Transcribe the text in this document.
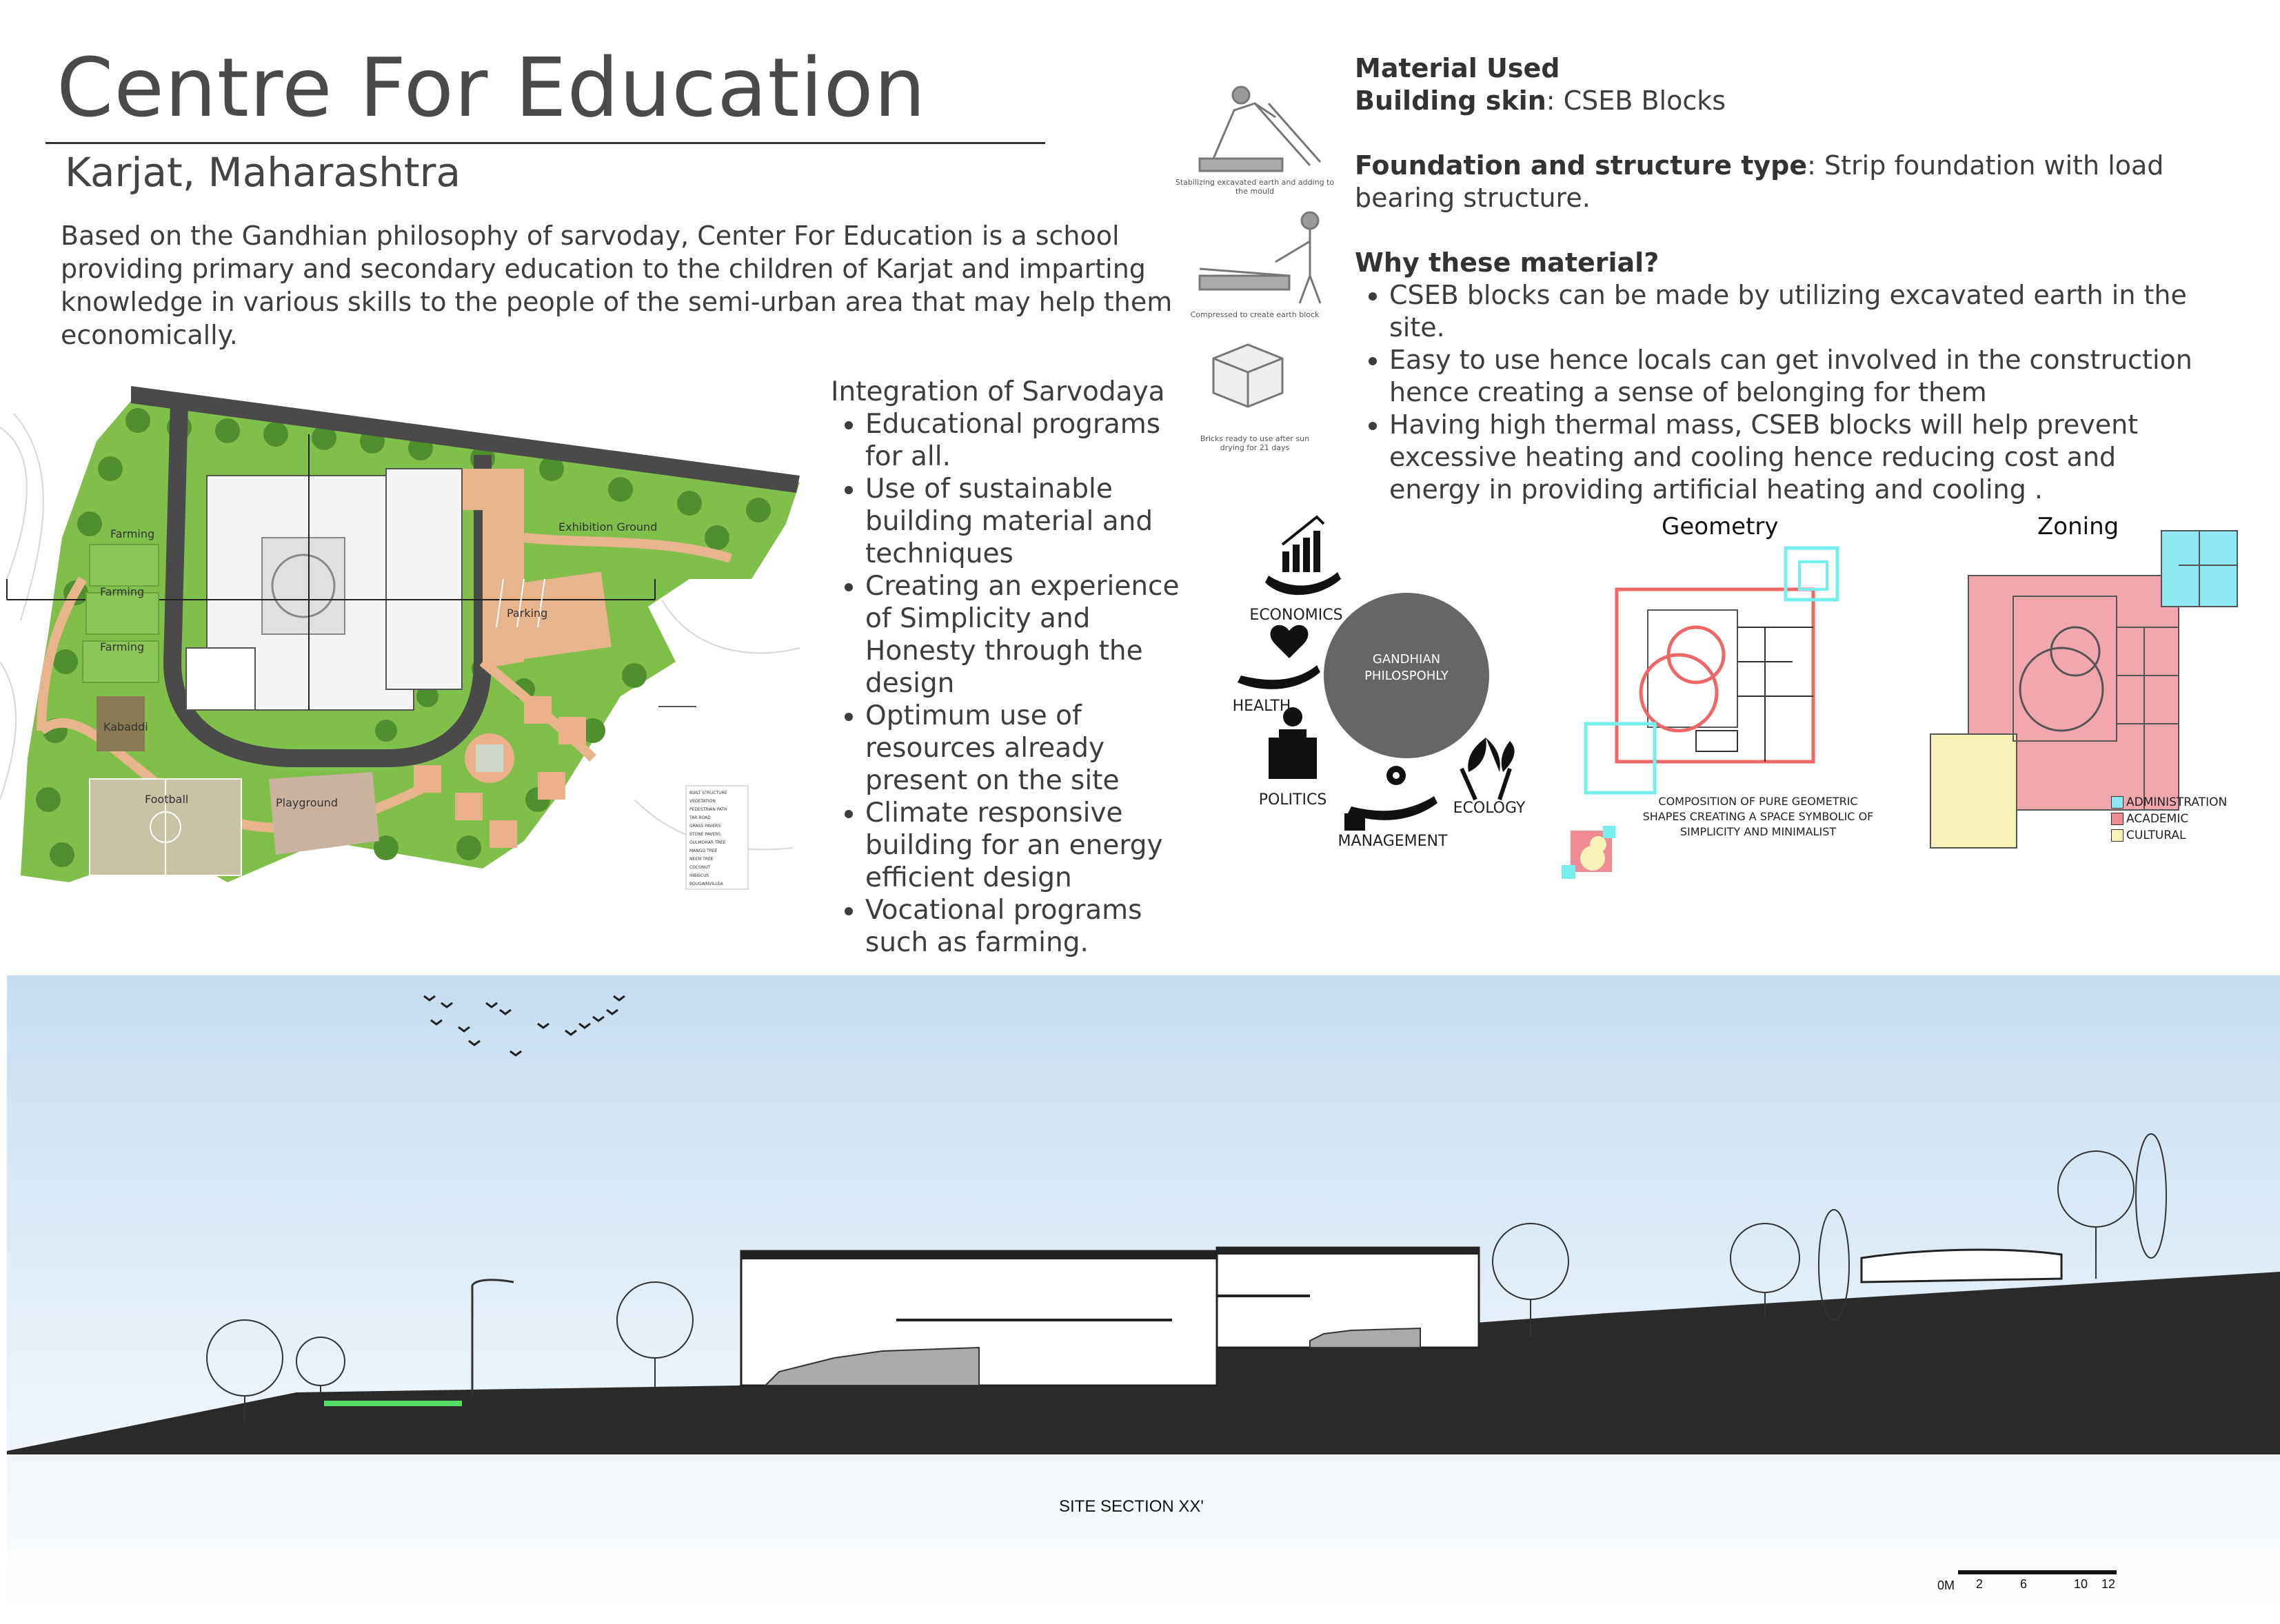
Centre For Education
Karjat, Maharashtra
Based on the Gandhian philosophy of sarvoday, Center For Education is a school providing primary and secondary education to the children of Karjat and imparting knowledge in various skills to the people of the semi-urban area that may help them economically.
Farming
Farming
Farming
Exhibition Ground
Parking
Kabaddi
Football	Playground
BUILT STRUCTURE
VEGETATION
PEDESTRIAN PATH
TAR ROAD
GRASS PAVERS
STONE PAVERS
GULMOHAR TREE
MANGO TREE
NEEM TREE
COCONUT
HIBISCUS
BOUGAINVILLEA
Integration of Sarvodaya
• Educational programs for all.
• Use of sustainable building material and techniques
• Creating an experience of Simplicity and Honesty through the design
• Optimum use of resources already present on the site
• Climate responsive building for an energy efficient design
• Vocational programs such as farming.
Stabilizing excavated earth and adding to the mould
Compressed to create earth block
Bricks ready to use after sun drying for 21 days
Material Used
Building skin: CSEB Blocks
Foundation and structure type: Strip foundation with load bearing structure.
Why these material?
• CSEB blocks can be made by utilizing excavated earth in the site.
• Easy to use hence locals can get involved in the construction hence creating a sense of belonging for them
• Having high thermal mass, CSEB blocks will help prevent excessive heating and cooling hence reducing cost and energy in providing artificial heating and cooling .
GANDHIAN PHILOSPOHLY
ECONOMICS
HEALTH
POLITICS
MANAGEMENT
ECOLOGY
Geometry
COMPOSITION OF PURE GEOMETRIC SHAPES CREATING A SPACE SYMBOLIC OF SIMPLICITY AND MINIMALIST
Zoning
ADMINISTRATION
ACADEMIC
CULTURAL
SITE SECTION XX'
0M 2	6	10 12
